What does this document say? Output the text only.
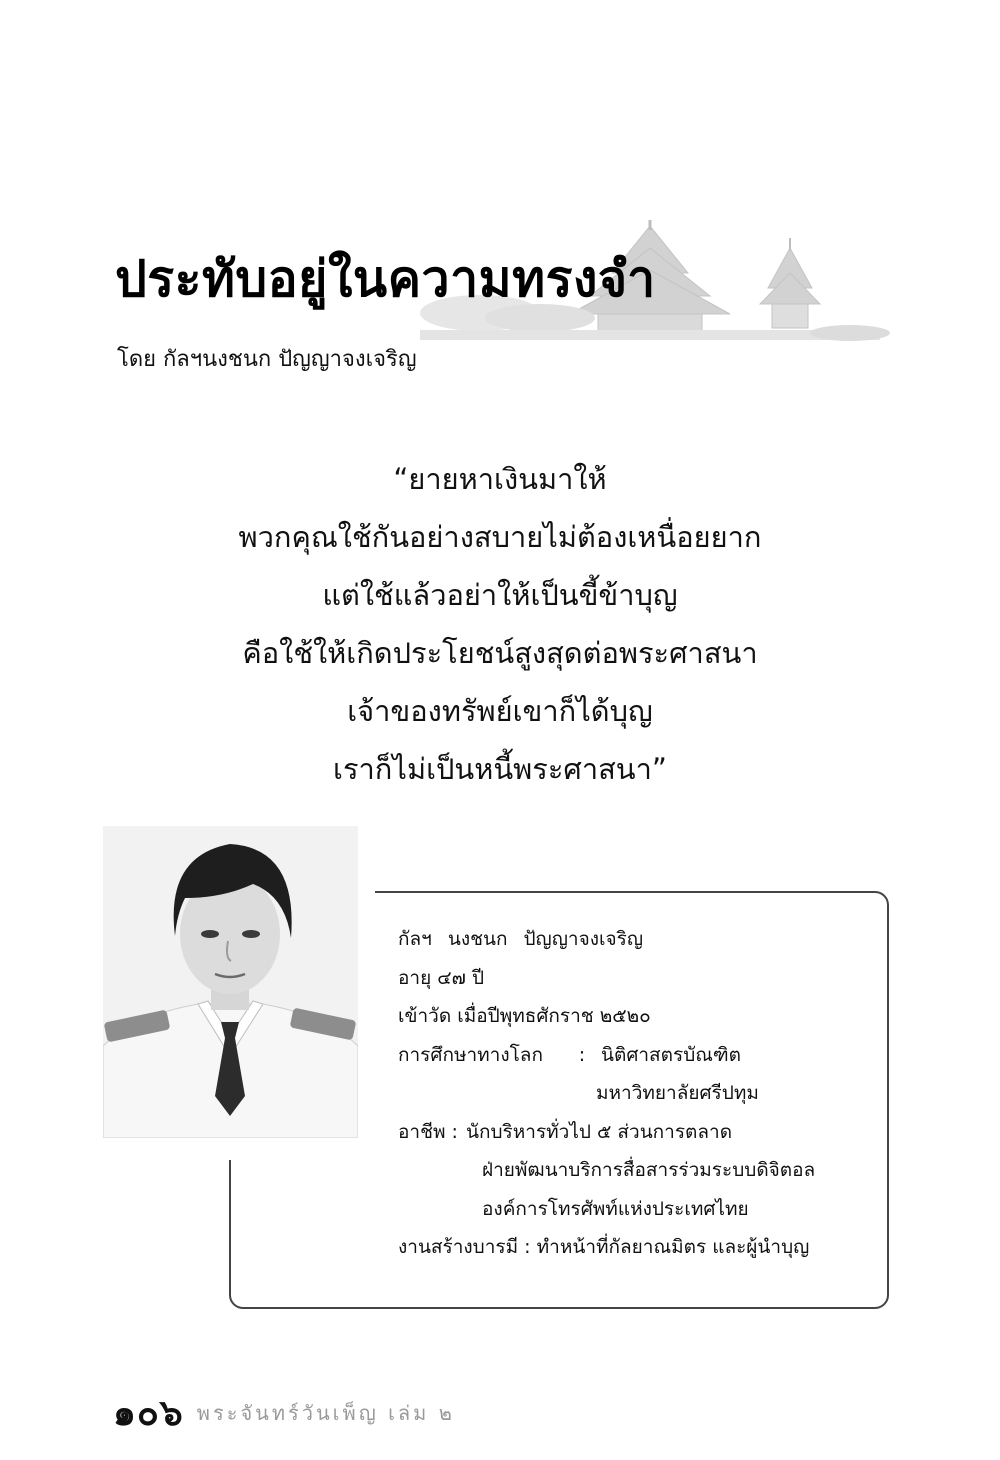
ประทับอยู่ในความทรงจำ
โดย กัลฯนงชนก ปัญญาจงเจริญ
“ยายหาเงินมาให้
พวกคุณใช้กันอย่างสบายไม่ต้องเหนื่อยยาก
แต่ใช้แล้วอย่าให้เป็นขี้ข้าบุญ
คือใช้ให้เกิดประโยชน์สูงสุดต่อพระศาสนา
เจ้าของทรัพย์เขาก็ได้บุญ
เราก็ไม่เป็นหนี้พระศาสนา”
กัลฯ นงชนก ปัญญาจงเจริญ
อายุ ๔๗ ปี
เข้าวัด เมื่อปีพุทธศักราช ๒๕๒๐
การศึกษาทางโลก : นิติศาสตรบัณฑิต
มหาวิทยาลัยศรีปทุม
อาชีพ : นักบริหารทั่วไป ๕ ส่วนการตลาด
ฝ่ายพัฒนาบริการสื่อสารร่วมระบบดิจิตอล
องค์การโทรศัพท์แห่งประเทศไทย
งานสร้างบารมี : ทำหน้าที่กัลยาณมิตร และผู้นำบุญ
๑๐๖ พระจันทร์วันเพ็ญ เล่ม ๒
